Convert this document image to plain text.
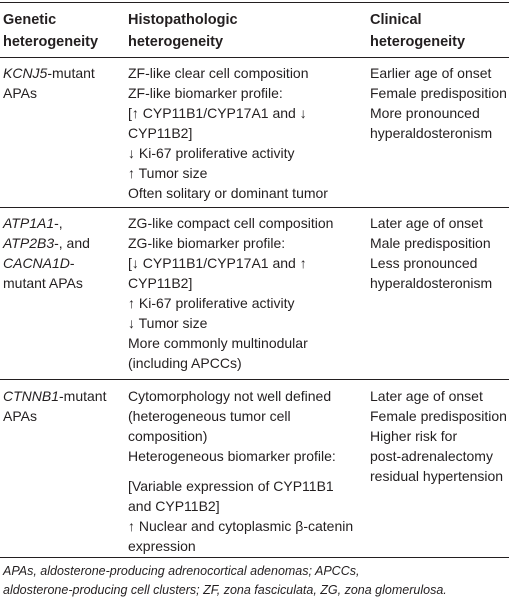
Genetic
heterogeneity
Histopathologic
heterogeneity
Clinical
heterogeneity
KCNJ5-mutant
APAs
ZF-like clear cell composition
ZF-like biomarker profile:
[↑ CYP11B1/CYP17A1 and ↓
CYP11B2]
↓ Ki-67 proliferative activity
↑ Tumor size
Often solitary or dominant tumor
Earlier age of onset
Female predisposition
More pronounced
hyperaldosteronism
ATP1A1-,
ATP2B3-, and
CACNA1D-
mutant APAs
ZG-like compact cell composition
ZG-like biomarker profile:
[↓ CYP11B1/CYP17A1 and ↑
CYP11B2]
↑ Ki-67 proliferative activity
↓ Tumor size
More commonly multinodular
(including APCCs)
Later age of onset
Male predisposition
Less pronounced
hyperaldosteronism
CTNNB1-mutant
APAs
Cytomorphology not well defined
(heterogeneous tumor cell
composition)
Heterogeneous biomarker profile:
[Variable expression of CYP11B1
and CYP11B2]
↑ Nuclear and cytoplasmic β-catenin
expression
Later age of onset
Female predisposition
Higher risk for
post-adrenalectomy
residual hypertension
APAs, aldosterone-producing adrenocortical adenomas; APCCs,
aldosterone-producing cell clusters; ZF, zona fasciculata, ZG, zona glomerulosa.
